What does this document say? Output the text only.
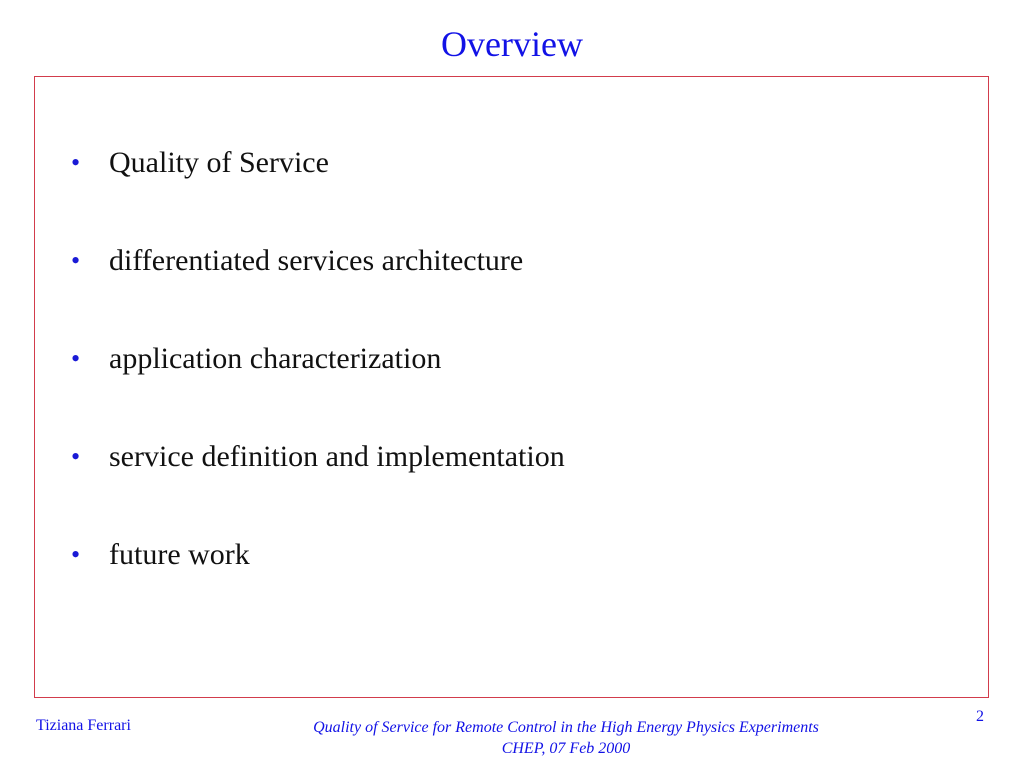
Overview
• Quality of Service
• differentiated services architecture
• application characterization
• service definition and implementation
• future work
Tiziana Ferrari	Quality of Service for Remote Control in the High Energy Physics Experiments
CHEP, 07 Feb 2000
2
